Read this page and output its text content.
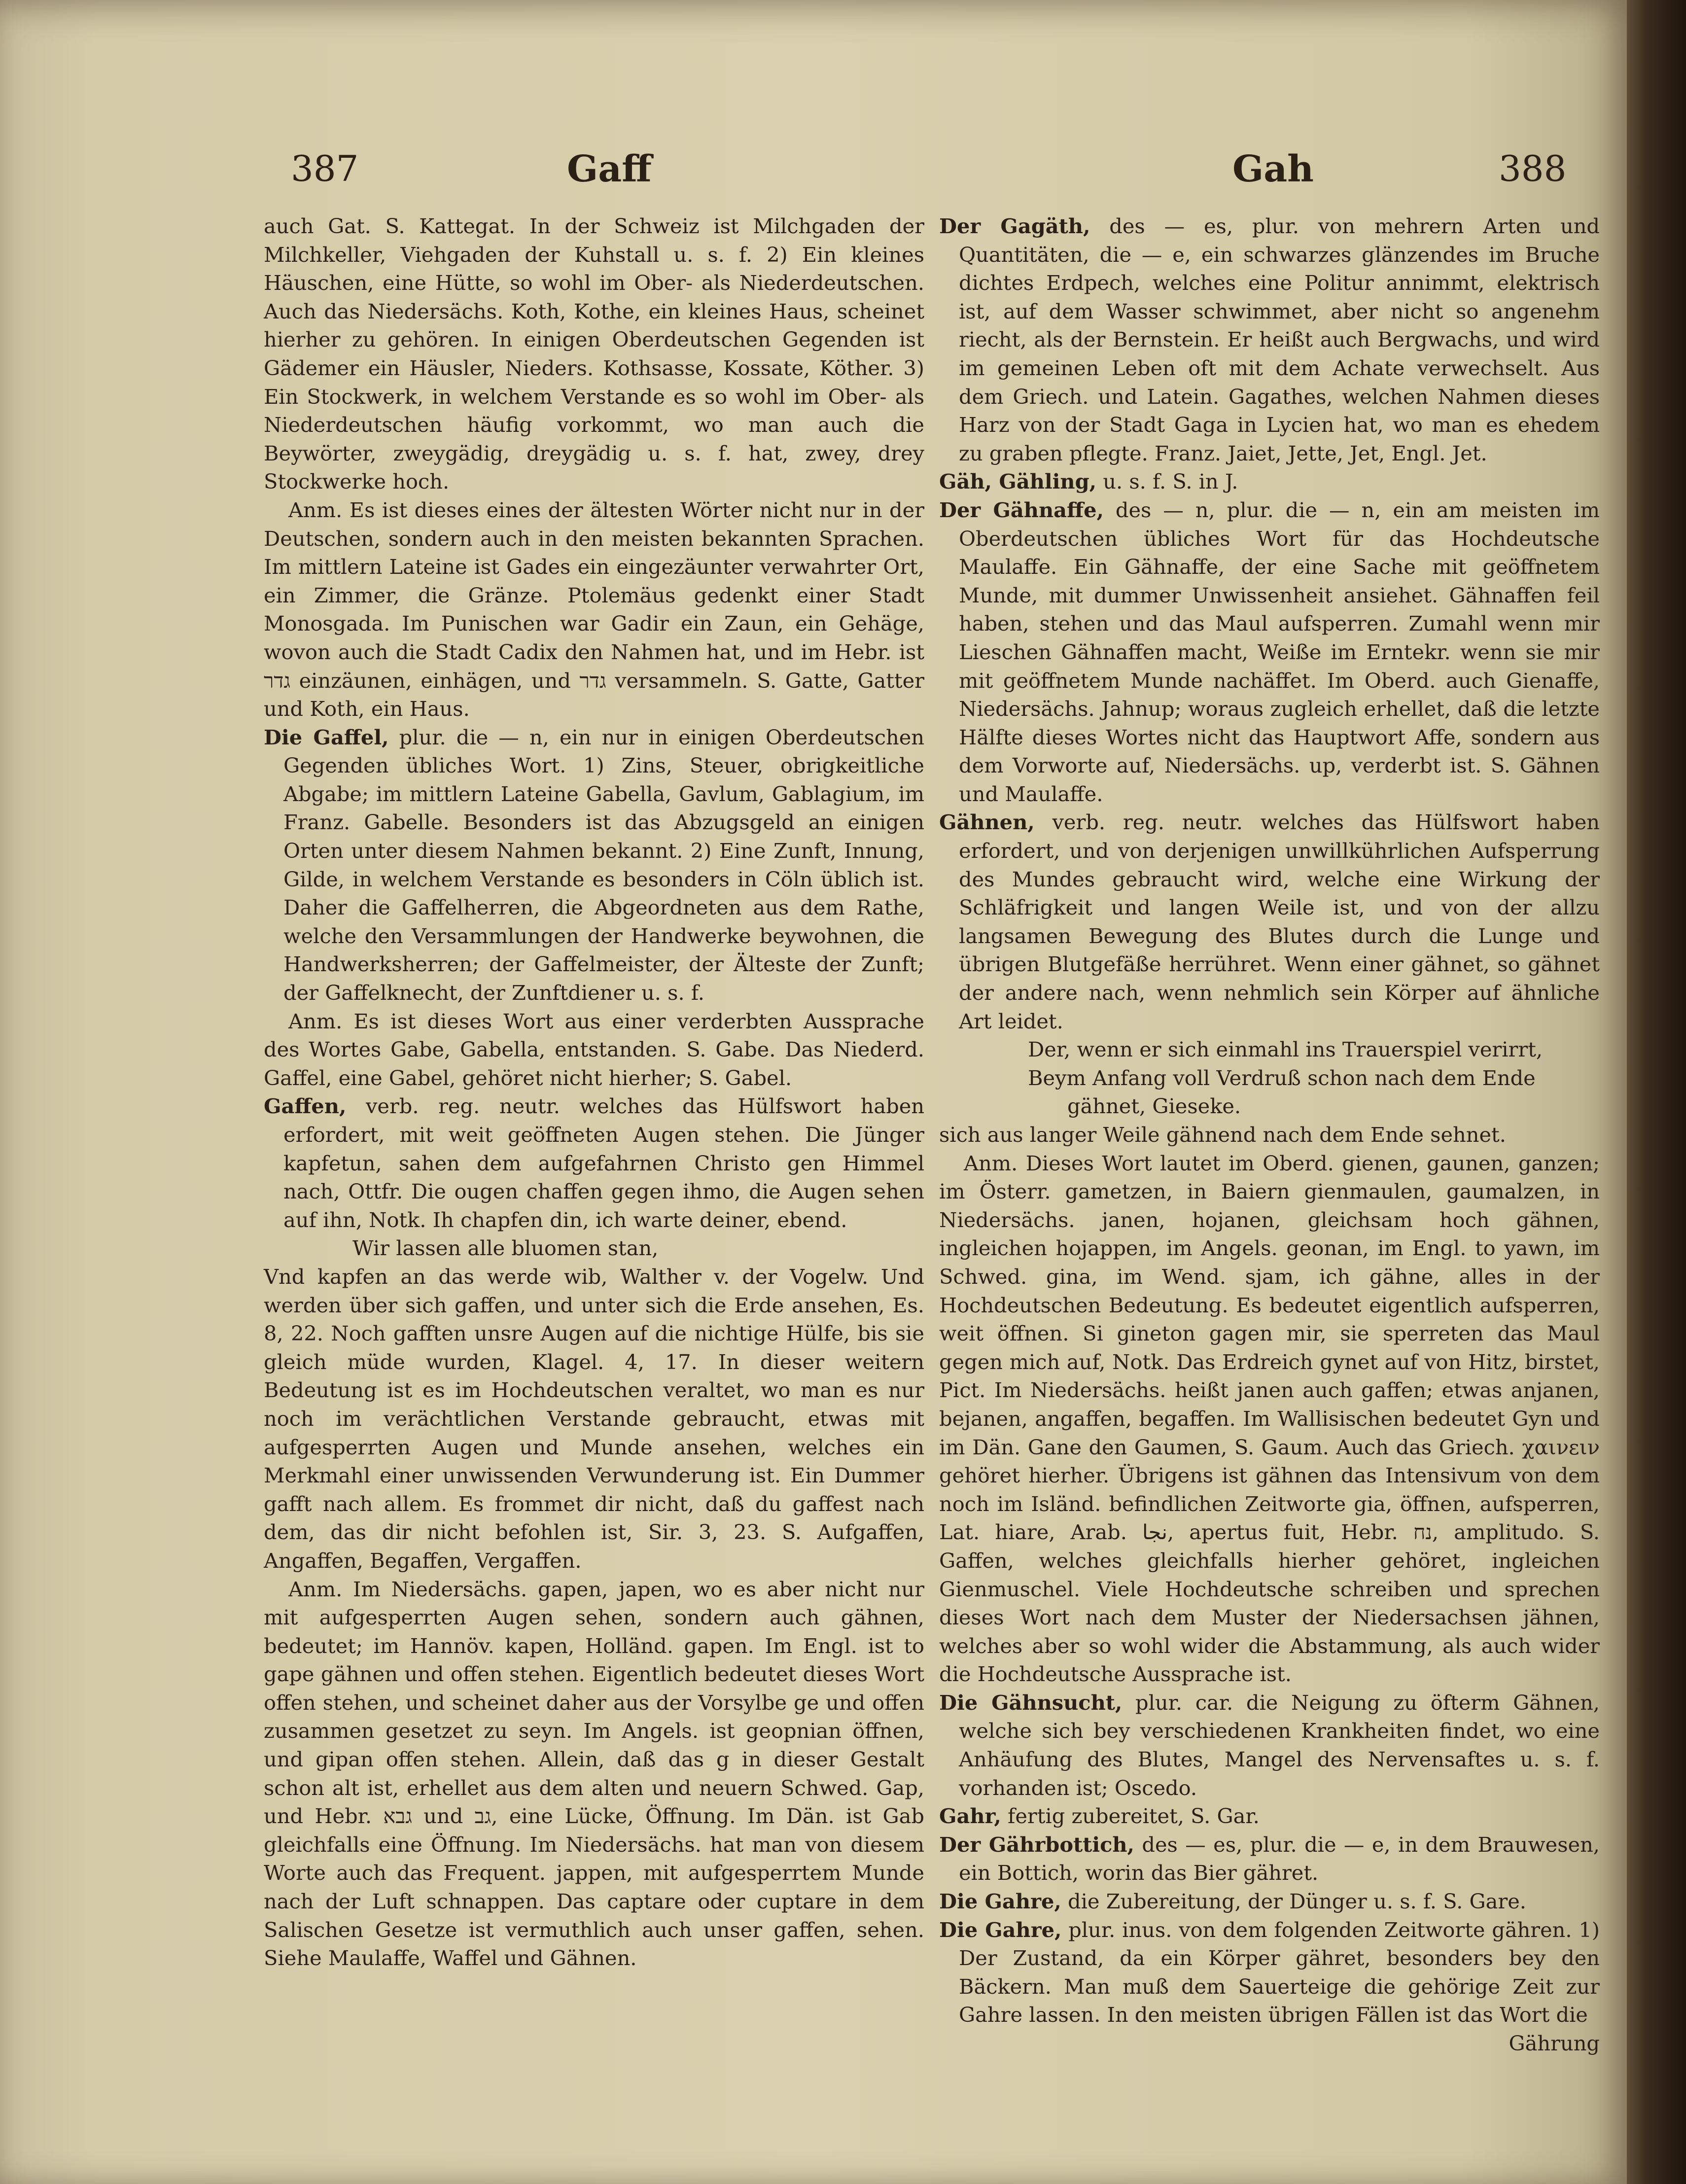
387	Gaff	Gah	388

auch Gat. S. Kattegat. In der Schweiz ist Milchgaden der Milchkeller, Viehgaden der Kuhstall u. s. f. 2) Ein kleines Häuschen, eine Hütte, so wohl im Ober- als Niederdeutschen. Auch das Niedersächs. Koth, Kothe, ein kleines Haus, scheinet hierher zu gehören. In einigen Oberdeutschen Gegenden ist Gädemer ein Häusler, Nieders. Kothsasse, Kossate, Köther. 3) Ein Stockwerk, in welchem Verstande es so wohl im Ober- als Niederdeutschen häufig vorkommt, wo man auch die Beywörter, zweygädig, dreygädig u. s. f. hat, zwey, drey Stockwerke hoch.

Anm. Es ist dieses eines der ältesten Wörter nicht nur in der Deutschen, sondern auch in den meisten bekannten Sprachen. Im mittlern Lateine ist Gades ein eingezäunter verwahrter Ort, ein Zimmer, die Gränze. Ptolemäus gedenkt einer Stadt Monosgada. Im Punischen war Gadir ein Zaun, ein Gehäge, wovon auch die Stadt Cadix den Nahmen hat, und im Hebr. ist גדר einzäunen, einhägen, und גדר versammeln. S. Gatte, Gatter und Koth, ein Haus.

Die Gaffel, plur. die — n, ein nur in einigen Oberdeutschen Gegenden übliches Wort. 1) Zins, Steuer, obrigkeitliche Abgabe; im mittlern Lateine Gabella, Gavlum, Gablagium, im Franz. Gabelle. Besonders ist das Abzugsgeld an einigen Orten unter diesem Nahmen bekannt. 2) Eine Zunft, Innung, Gilde, in welchem Verstande es besonders in Cöln üblich ist. Daher die Gaffelherren, die Abgeordneten aus dem Rathe, welche den Versammlungen der Handwerke beywohnen, die Handwerksherren; der Gaffelmeister, der Älteste der Zunft; der Gaffelknecht, der Zunftdiener u. s. f.

Anm. Es ist dieses Wort aus einer verderbten Aussprache des Wortes Gabe, Gabella, entstanden. S. Gabe. Das Niederd. Gaffel, eine Gabel, gehöret nicht hierher; S. Gabel.

Gaffen, verb. reg. neutr. welches das Hülfswort haben erfordert, mit weit geöffneten Augen stehen. Die Jünger kapfetun, sahen dem aufgefahrnen Christo gen Himmel nach, Ottfr. Die ougen chaffen gegen ihmo, die Augen sehen auf ihn, Notk. Ih chapfen din, ich warte deiner, ebend.

Wir lassen alle bluomen stan,

Vnd kapfen an das werde wib, Walther v. der Vogelw. Und werden über sich gaffen, und unter sich die Erde ansehen, Es. 8, 22. Noch gafften unsre Augen auf die nichtige Hülfe, bis sie gleich müde wurden, Klagel. 4, 17. In dieser weitern Bedeutung ist es im Hochdeutschen veraltet, wo man es nur noch im verächtlichen Verstande gebraucht, etwas mit aufgesperrten Augen und Munde ansehen, welches ein Merkmahl einer unwissenden Verwunderung ist. Ein Dummer gafft nach allem. Es frommet dir nicht, daß du gaffest nach dem, das dir nicht befohlen ist, Sir. 3, 23. S. Aufgaffen, Angaffen, Begaffen, Vergaffen.

Anm. Im Niedersächs. gapen, japen, wo es aber nicht nur mit aufgesperrten Augen sehen, sondern auch gähnen, bedeutet; im Hannöv. kapen, Holländ. gapen. Im Engl. ist to gape gähnen und offen stehen. Eigentlich bedeutet dieses Wort offen stehen, und scheinet daher aus der Vorsylbe ge und offen zusammen gesetzet zu seyn. Im Angels. ist geopnian öffnen, und gipan offen stehen. Allein, daß das g in dieser Gestalt schon alt ist, erhellet aus dem alten und neuern Schwed. Gap, und Hebr. גבא und גב, eine Lücke, Öffnung. Im Dän. ist Gab gleichfalls eine Öffnung. Im Niedersächs. hat man von diesem Worte auch das Frequent. jappen, mit aufgesperrtem Munde nach der Luft schnappen. Das captare oder cuptare in dem Salischen Gesetze ist vermuthlich auch unser gaffen, sehen. Siehe Maulaffe, Waffel und Gähnen.

Der Gagäth, des — es, plur. von mehrern Arten und Quantitäten, die — e, ein schwarzes glänzendes im Bruche dichtes Erdpech, welches eine Politur annimmt, elektrisch ist, auf dem Wasser schwimmet, aber nicht so angenehm riecht, als der Bernstein. Er heißt auch Bergwachs, und wird im gemeinen Leben oft mit dem Achate verwechselt. Aus dem Griech. und Latein. Gagathes, welchen Nahmen dieses Harz von der Stadt Gaga in Lycien hat, wo man es ehedem zu graben pflegte. Franz. Jaiet, Jette, Jet, Engl. Jet.

Gäh, Gähling, u. s. f. S. in J.

Der Gähnaffe, des — n, plur. die — n, ein am meisten im Oberdeutschen übliches Wort für das Hochdeutsche Maulaffe. Ein Gähnaffe, der eine Sache mit geöffnetem Munde, mit dummer Unwissenheit ansiehet. Gähnaffen feil haben, stehen und das Maul aufsperren. Zumahl wenn mir Lieschen Gähnaffen macht, Weiße im Erntekr. wenn sie mir mit geöffnetem Munde nachäffet. Im Oberd. auch Gienaffe, Niedersächs. Jahnup; woraus zugleich erhellet, daß die letzte Hälfte dieses Wortes nicht das Hauptwort Affe, sondern aus dem Vorworte auf, Niedersächs. up, verderbt ist. S. Gähnen und Maulaffe.

Gähnen, verb. reg. neutr. welches das Hülfswort haben erfordert, und von derjenigen unwillkührlichen Aufsperrung des Mundes gebraucht wird, welche eine Wirkung der Schläfrigkeit und langen Weile ist, und von der allzu langsamen Bewegung des Blutes durch die Lunge und übrigen Blutgefäße herrühret. Wenn einer gähnet, so gähnet der andere nach, wenn nehmlich sein Körper auf ähnliche Art leidet.

Der, wenn er sich einmahl ins Trauerspiel verirrt,

Beym Anfang voll Verdruß schon nach dem Ende

gähnet, Gieseke.

sich aus langer Weile gähnend nach dem Ende sehnet.

Anm. Dieses Wort lautet im Oberd. gienen, gaunen, ganzen; im Österr. gametzen, in Baiern gienmaulen, gaumalzen, in Niedersächs. janen, hojanen, gleichsam hoch gähnen, ingleichen hojappen, im Angels. geonan, im Engl. to yawn, im Schwed. gina, im Wend. sjam, ich gähne, alles in der Hochdeutschen Bedeutung. Es bedeutet eigentlich aufsperren, weit öffnen. Si gineton gagen mir, sie sperreten das Maul gegen mich auf, Notk. Das Erdreich gynet auf von Hitz, birstet, Pict. Im Niedersächs. heißt janen auch gaffen; etwas anjanen, bejanen, angaffen, begaffen. Im Wallisischen bedeutet Gyn und im Dän. Gane den Gaumen, S. Gaum. Auch das Griech. χαινειν gehöret hierher. Übrigens ist gähnen das Intensivum von dem noch im Isländ. befindlichen Zeitworte gia, öffnen, aufsperren, Lat. hiare, Arab. نجا, apertus fuit, Hebr. נח, amplitudo. S. Gaffen, welches gleichfalls hierher gehöret, ingleichen Gienmuschel. Viele Hochdeutsche schreiben und sprechen dieses Wort nach dem Muster der Niedersachsen jähnen, welches aber so wohl wider die Abstammung, als auch wider die Hochdeutsche Aussprache ist.

Die Gähnsucht, plur. car. die Neigung zu öfterm Gähnen, welche sich bey verschiedenen Krankheiten findet, wo eine Anhäufung des Blutes, Mangel des Nervensaftes u. s. f. vorhanden ist; Oscedo.

Gahr, fertig zubereitet, S. Gar.

Der Gährbottich, des — es, plur. die — e, in dem Brauwesen, ein Bottich, worin das Bier gähret.

Die Gahre, die Zubereitung, der Dünger u. s. f. S. Gare.

Die Gahre, plur. inus. von dem folgenden Zeitworte gähren. 1) Der Zustand, da ein Körper gähret, besonders bey den Bäckern. Man muß dem Sauerteige die gehörige Zeit zur Gahre lassen. In den meisten übrigen Fällen ist das Wort die

Gährung
